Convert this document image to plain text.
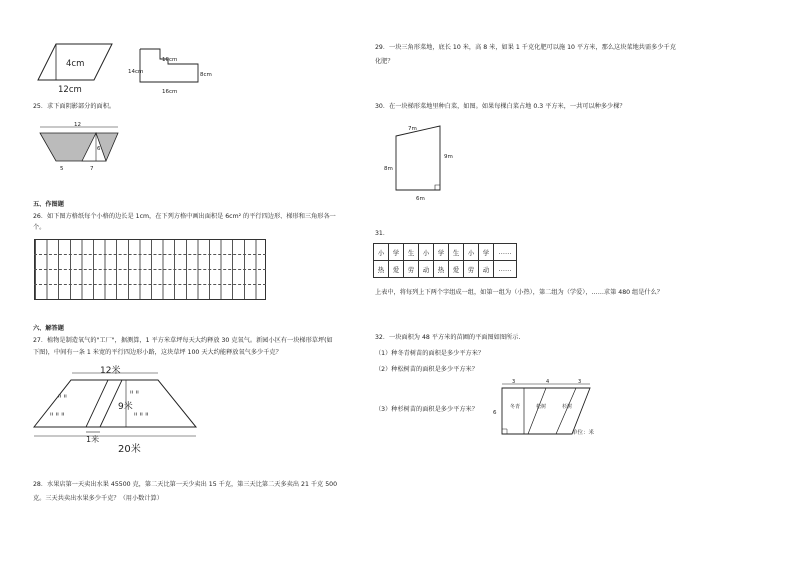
4cm
12cm
10cm
14cm	8cm
16cm
25．求下面阴影部分的面积。
12
6
5	7
五、作图题
26．如下图方格纸每个小格的边长是 1cm，在下列方格中画出面积是 6cm² 的平行四边形、梯形和三角形各一
个。
六、解答题
27．植物是制造氧气的"工厂"，据测算，1 平方米草坪每天大约释放 30 克氧气。新园小区有一块梯形草坪(如
下图)，中间有一条 1 米宽的平行四边形小路，这块草坪 100 天大约能释放氧气多少千克？
12米
9米
ᐦ ᐦ
ᐦ ᐦ ᐦ
ᐦ ᐦ
ᐦ ᐦ ᐦ
1米
20米
28．水果店第一天卖出水果 45500 克，第二天比第一天少卖出 15 千克，第三天比第二天多卖出 21 千克 500
克。三天共卖出水果多少千克？（用小数计算）
29．一块三角形菜地，底长 10 米，高 8 米，如果 1 千克化肥可以施 10 平方米，那么这块菜地共需多少千克
化肥？
30．在一块梯形菜地里种白菜，如图。如果每棵白菜占地 0.3 平方米，一共可以种多少棵？
7m
8m
9m
6m
31．
小	学	生	小	学	生	小	学	……
热	爱	劳	动	热	爱	劳	动	……
上表中，将每列上下两个字组成一组，如第一组为（小热），第二组为（学爱），……求第 480 组是什么？
32．一块面积为 48 平方米的苗圃的平面图如图所示.
（1）种冬青树苗的面积是多少平方米？
（2）种松树苗的面积是多少平方米？
（3）种杉树苗的面积是多少平方米？
3	4	3
6
冬青	松树	杉树
单位：米
